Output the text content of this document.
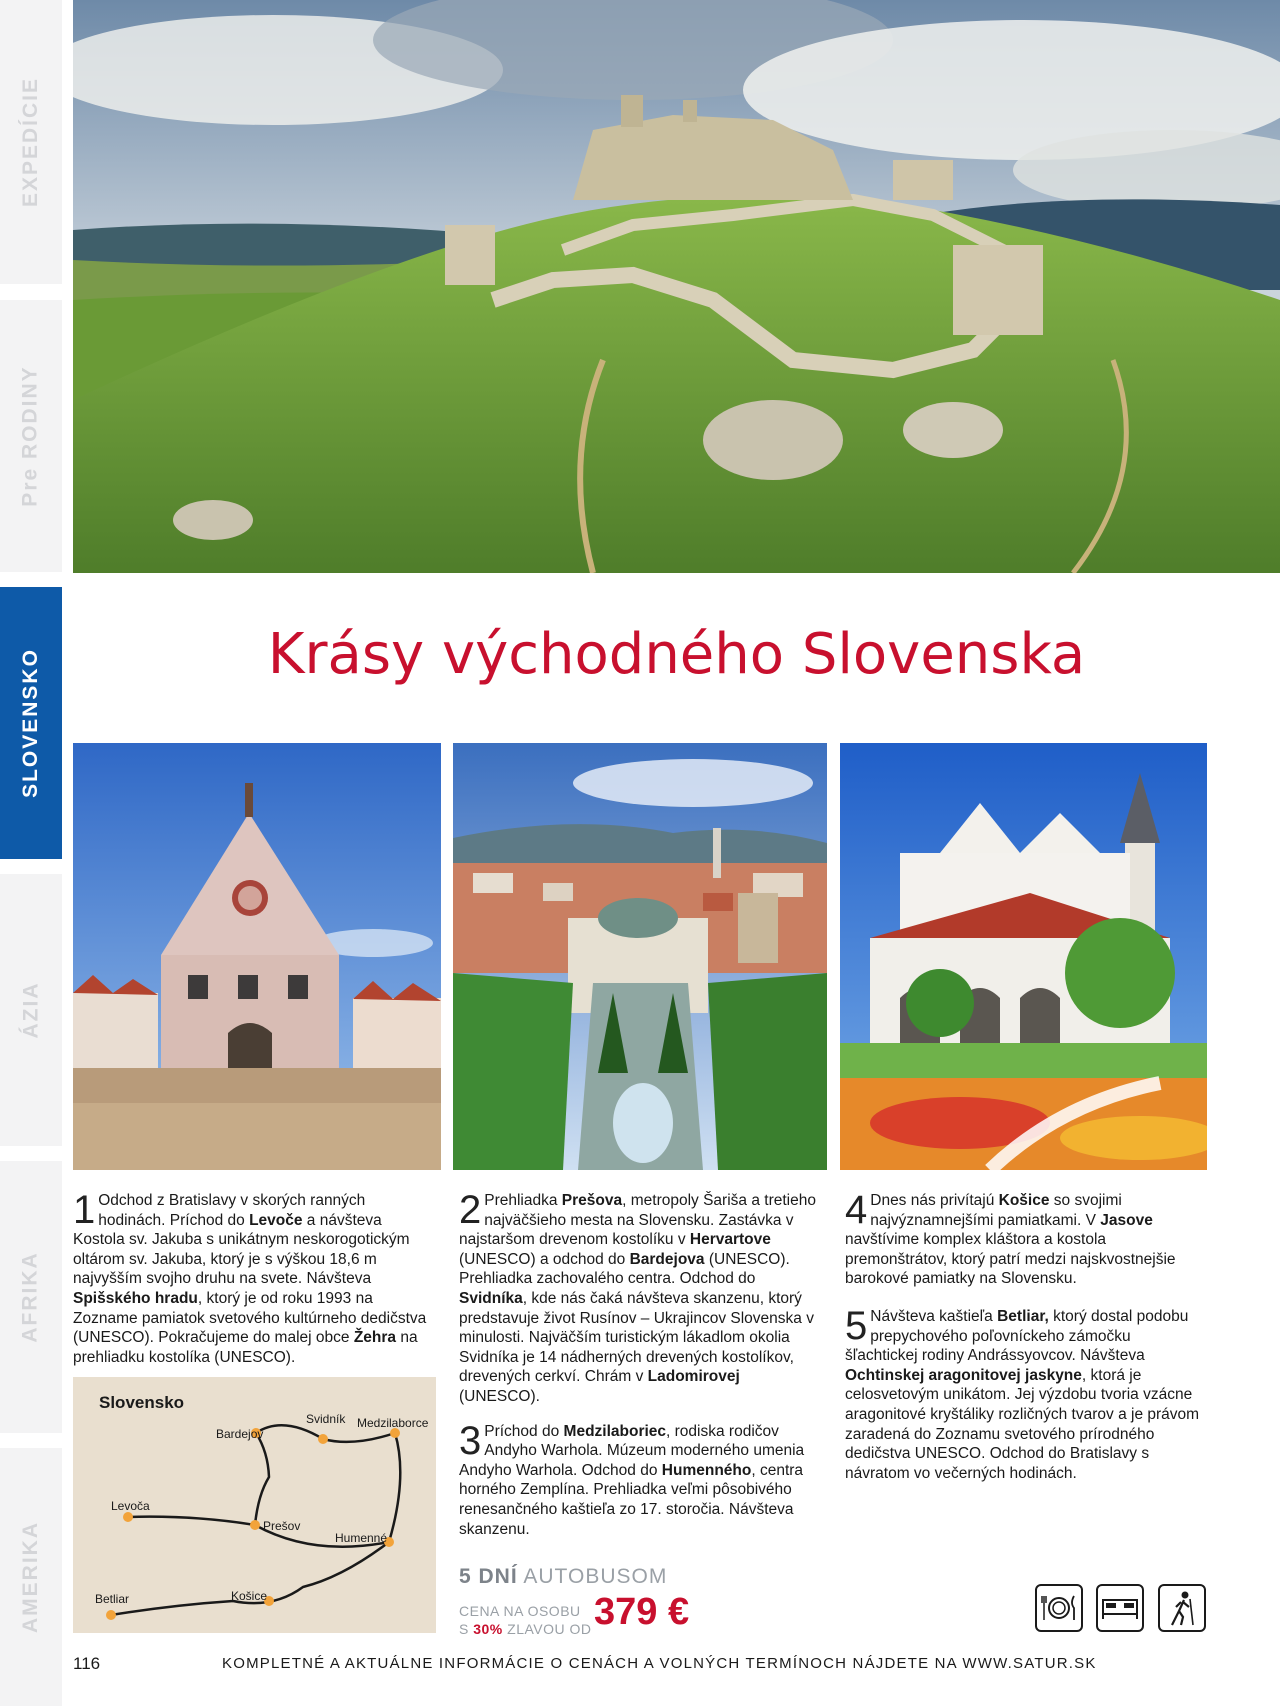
EXPEDÍCIE
Pre RODINY
SLOVENSKO
ÁZIA
AFRIKA
AMERIKA
Krásy východného Slovenska

1 Odchod z Bratislavy v skorých ranných hodinách. Príchod do Levoče a návšteva Kostola sv. Jakuba s unikátnym neskorogotickým oltárom sv. Jakuba, ktorý je s výškou 18,6 m najvyšším svojho druhu na svete. Návšteva Spišského hradu, ktorý je od roku 1993 na Zozname pamiatok svetového kultúrneho dedičstva (UNESCO). Pokračujeme do malej obce Žehra na prehliadku kostolíka (UNESCO).

2 Prehliadka Prešova, metropoly Šariša a tretieho najväčšieho mesta na Slovensku. Zastávka v najstaršom drevenom kostolíku v Hervartove (UNESCO) a odchod do Bardejova (UNESCO). Prehliadka zachovalého centra. Odchod do Svidníka, kde nás čaká návšteva skanzenu, ktorý predstavuje život Rusínov – Ukrajincov Slovenska v minulosti. Najväčším turistickým lákadlom okolia Svidníka je 14 nádherných drevených kostolíkov, drevených cerkví. Chrám v Ladomirovej (UNESCO).

3 Príchod do Medzilaboriec, rodiska rodičov Andyho Warhola. Múzeum moderného umenia Andyho Warhola. Odchod do Humenného, centra horného Zemplína. Prehliadka veľmi pôsobivého renesančného kaštieľa zo 17. storočia. Návšteva skanzenu.

4 Dnes nás privítajú Košice so svojimi najvýznamnejšími pamiatkami. V Jasove navštívime komplex kláštora a kostola premonštrátov, ktorý patrí medzi najskvostnejšie barokové pamiatky na Slovensku.

5 Návšteva kaštieľa Betliar, ktorý dostal podobu prepychového poľovníckeho zámočku šľachtickej rodiny Andrássyovcov. Návšteva Ochtinskej aragonitovej jaskyne, ktorá je celosvetovým unikátom. Jej výzdobu tvoria vzácne aragonitové kryštáliky rozličných tvarov a je právom zaradená do Zoznamu svetového prírodného dedičstva UNESCO. Odchod do Bratislavy s návratom vo večerných hodinách.

Slovensko
Bardejov
Svidník Medzilaborce
Levoča
Prešov
Humenné
Betliar	Košice
5 DNÍ AUTOBUSOM
CENA NA OSOBU
S 30% ZLAVOU OD 379 €
116	KOMPLETNÉ A AKTUÁLNE INFORMÁCIE O CENÁCH A VOLNÝCH TERMÍNOCH NÁJDETE NA WWW.SATUR.SK
